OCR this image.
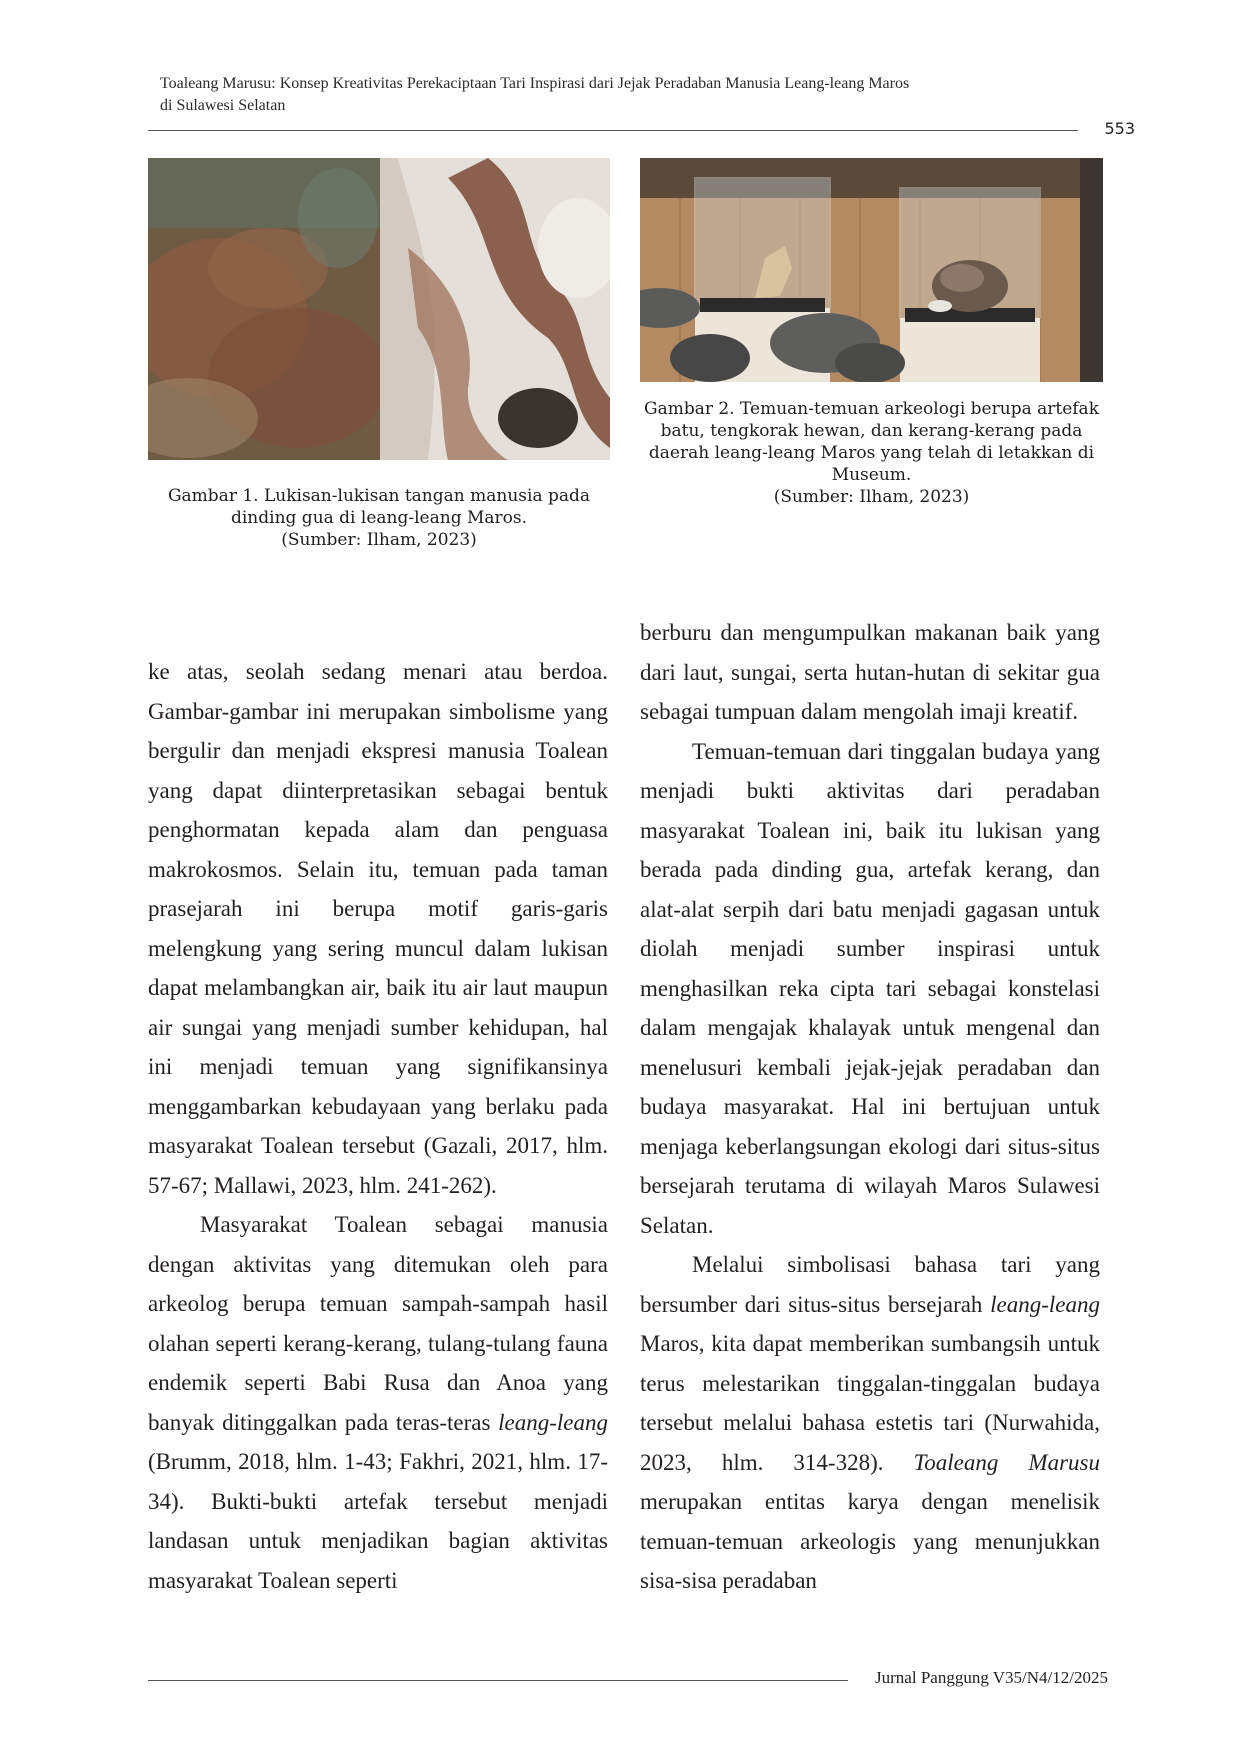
Toaleang Marusu: Konsep Kreativitas Perekaciptaan Tari Inspirasi dari Jejak Peradaban Manusia Leang-leang Maros
di Sulawesi Selatan
553
Gambar 1. Lukisan-lukisan tangan manusia pada
dinding gua di leang-leang Maros.
(Sumber: Ilham, 2023)
Gambar 2. Temuan-temuan arkeologi berupa artefak
batu, tengkorak hewan, dan kerang-kerang pada
daerah leang-leang Maros yang telah di letakkan di
Museum.
(Sumber: Ilham, 2023)

ke atas, seolah sedang menari atau berdoa. Gambar-gambar ini merupakan simbolisme yang bergulir dan menjadi ekspresi manusia Toalean yang dapat diinterpretasikan sebagai bentuk penghormatan kepada alam dan penguasa makrokosmos. Selain itu, temuan pada taman prasejarah ini berupa motif garis-garis melengkung yang sering muncul dalam lukisan dapat melambangkan air, baik itu air laut maupun air sungai yang menjadi sumber kehidupan, hal ini menjadi temuan yang signifikansinya menggambarkan kebudayaan yang berlaku pada masyarakat Toalean tersebut (Gazali, 2017, hlm. 57-67; Mallawi, 2023, hlm. 241-262).

Masyarakat Toalean sebagai manusia dengan aktivitas yang ditemukan oleh para arkeolog berupa temuan sampah-sampah hasil olahan seperti kerang-kerang, tulang-tulang fauna endemik seperti Babi Rusa dan Anoa yang banyak ditinggalkan pada teras-teras leang-leang (Brumm, 2018, hlm. 1-43; Fakhri, 2021, hlm. 17-34). Bukti-bukti artefak tersebut menjadi landasan untuk menjadikan bagian aktivitas masyarakat Toalean seperti

berburu dan mengumpulkan makanan baik yang dari laut, sungai, serta hutan-hutan di sekitar gua sebagai tumpuan dalam mengolah imaji kreatif.

Temuan-temuan dari tinggalan budaya yang menjadi bukti aktivitas dari peradaban masyarakat Toalean ini, baik itu lukisan yang berada pada dinding gua, artefak kerang, dan alat-alat serpih dari batu menjadi gagasan untuk diolah menjadi sumber inspirasi untuk menghasilkan reka cipta tari sebagai konstelasi dalam mengajak khalayak untuk mengenal dan menelusuri kembali jejak-jejak peradaban dan budaya masyarakat. Hal ini bertujuan untuk menjaga keberlangsungan ekologi dari situs-situs bersejarah terutama di wilayah Maros Sulawesi Selatan.

Melalui simbolisasi bahasa tari yang bersumber dari situs-situs bersejarah leang-leang Maros, kita dapat memberikan sumbangsih untuk terus melestarikan tinggalan-tinggalan budaya tersebut melalui bahasa estetis tari (Nurwahida, 2023, hlm. 314-328). Toaleang Marusu merupakan entitas karya dengan menelisik temuan-temuan arkeologis yang menunjukkan sisa-sisa peradaban

Jurnal Panggung V35/N4/12/2025
